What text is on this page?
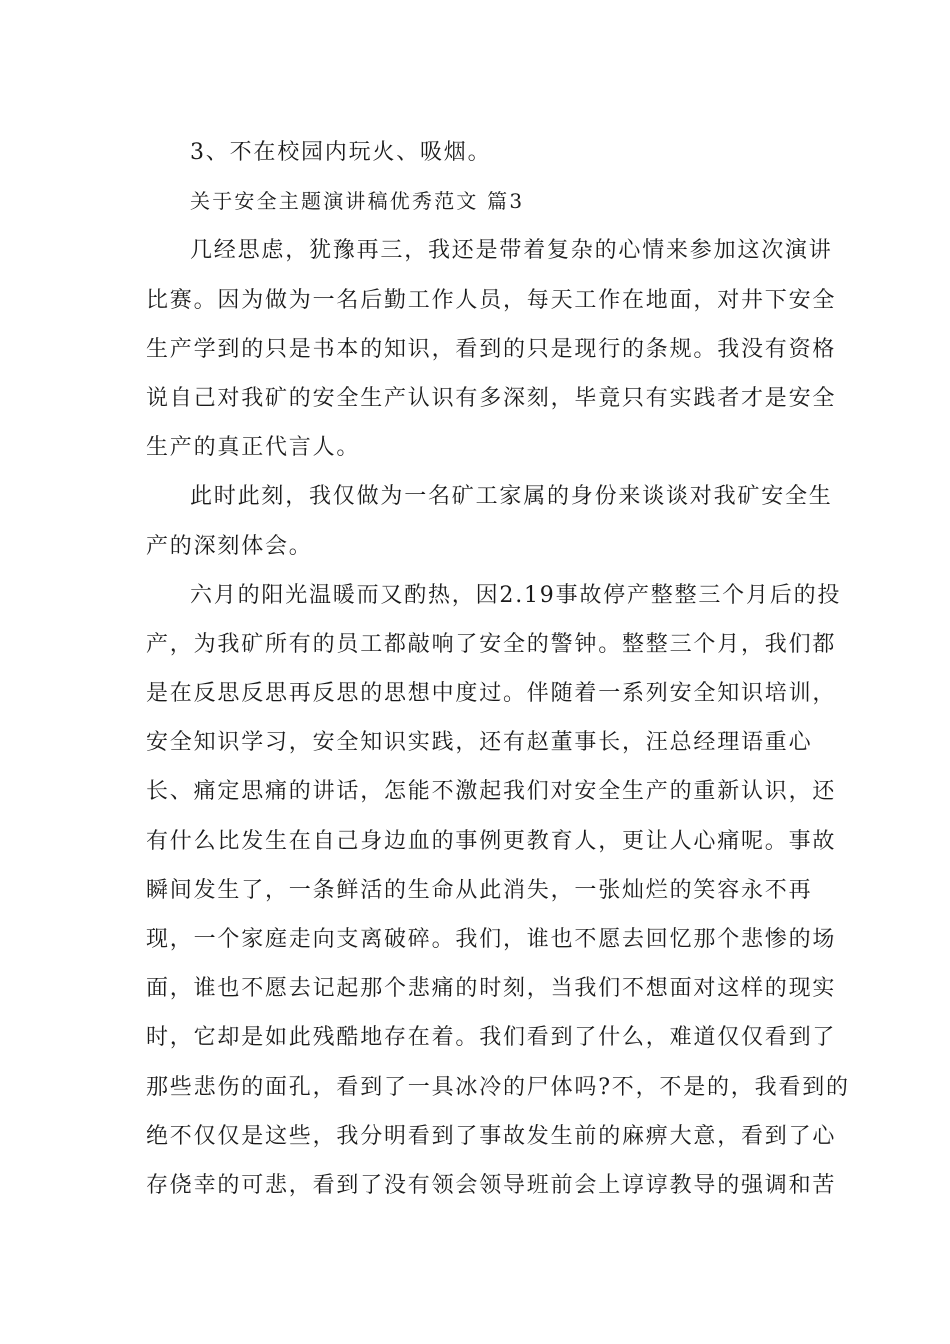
3、不在校园内玩火、吸烟。
关于安全主题演讲稿优秀范文 篇3
几经思虑，犹豫再三，我还是带着复杂的心情来参加这次演讲
比赛。因为做为一名后勤工作人员，每天工作在地面，对井下安全
生产学到的只是书本的知识，看到的只是现行的条规。我没有资格
说自己对我矿的安全生产认识有多深刻，毕竟只有实践者才是安全
生产的真正代言人。
此时此刻，我仅做为一名矿工家属的身份来谈谈对我矿安全生
产的深刻体会。
六月的阳光温暖而又酌热，因2.19事故停产整整三个月后的投
产，为我矿所有的员工都敲响了安全的警钟。整整三个月，我们都
是在反思反思再反思的思想中度过。伴随着一系列安全知识培训，
安全知识学习，安全知识实践，还有赵董事长，汪总经理语重心
长、痛定思痛的讲话，怎能不激起我们对安全生产的重新认识，还
有什么比发生在自己身边血的事例更教育人，更让人心痛呢。事故
瞬间发生了，一条鲜活的生命从此消失，一张灿烂的笑容永不再
现，一个家庭走向支离破碎。我们，谁也不愿去回忆那个悲惨的场
面，谁也不愿去记起那个悲痛的时刻，当我们不想面对这样的现实
时，它却是如此残酷地存在着。我们看到了什么，难道仅仅看到了
那些悲伤的面孔，看到了一具冰冷的尸体吗?不，不是的，我看到的
绝不仅仅是这些，我分明看到了事故发生前的麻痹大意，看到了心
存侥幸的可悲，看到了没有领会领导班前会上谆谆教导的强调和苦
